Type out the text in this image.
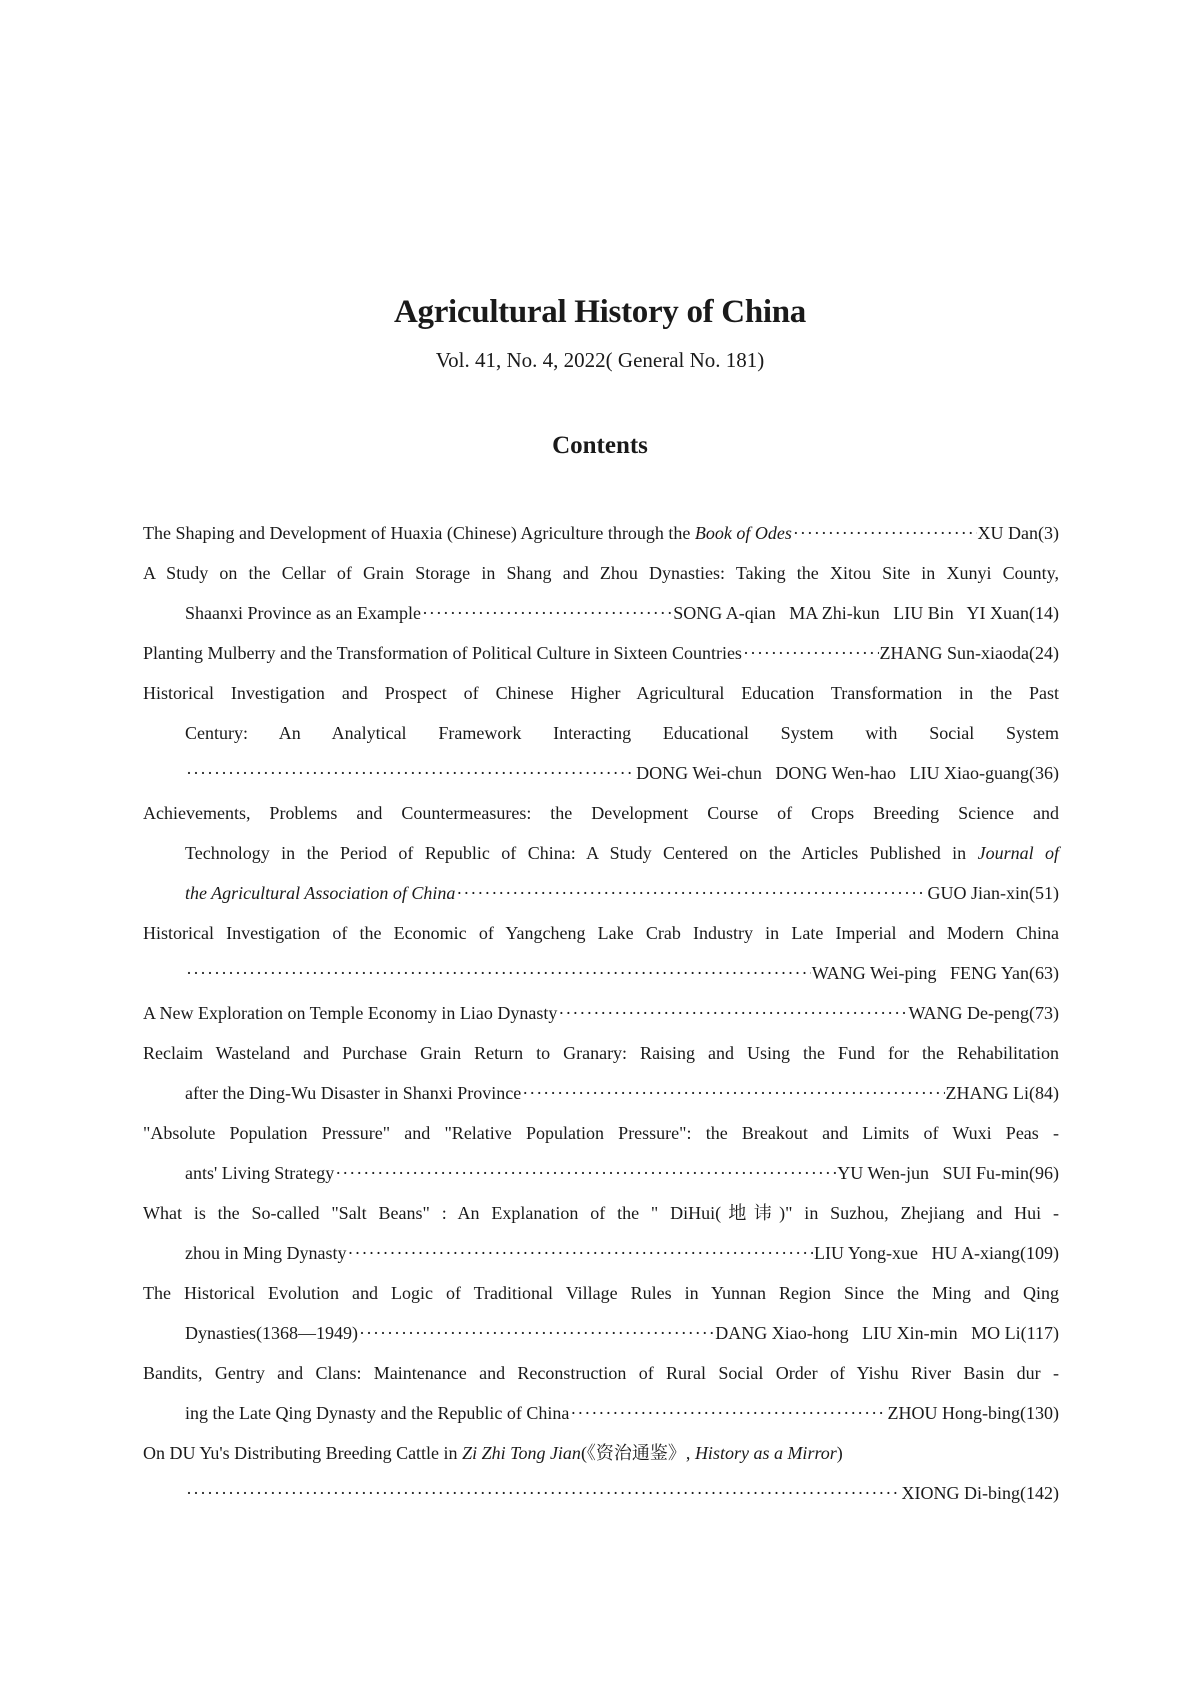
Agricultural History of China
Vol. 41, No. 4, 2022( General No. 181)
Contents
The Shaping and Development of Huaxia (Chinese) Agriculture through the Book of Odes ·····	XU Dan(3)
A Study on the Cellar of Grain Storage in Shang and Zhou Dynasties: Taking the Xitou Site in Xunyi County,
Shaanxi Province as an Example ·····	SONG A-qian   MA Zhi-kun   LIU Bin   YI Xuan(14)
Planting Mulberry and the Transformation of Political Culture in Sixteen Countries ·····	ZHANG Sun-xiaoda(24)
Historical Investigation and Prospect of Chinese Higher Agricultural Education Transformation in the Past
Century: An Analytical Framework Interacting Educational System with Social System
·····
DONG Wei-chun   DONG Wen-hao   LIU Xiao-guang(36)
Achievements, Problems and Countermeasures: the Development Course of Crops Breeding Science and
Technology in the Period of Republic of China: A Study Centered on the Articles Published in Journal of
the Agricultural Association of China ·····	GUO Jian-xin(51)
Historical Investigation of the Economic of Yangcheng Lake Crab Industry in Late Imperial and Modern China
·····
WANG Wei-ping   FENG Yan(63)
A New Exploration on Temple Economy in Liao Dynasty ·····	WANG De-peng(73)
Reclaim Wasteland and Purchase Grain Return to Granary: Raising and Using the Fund for the Rehabilitation
after the Ding-Wu Disaster in Shanxi Province ·····	ZHANG Li(84)
"Absolute Population Pressure" and "Relative Population Pressure": the Breakout and Limits of Wuxi Peas -
ants' Living Strategy ·····	YU Wen-jun   SUI Fu-min(96)
What is the So-called "Salt Beans" : An Explanation of the " DiHui(地讳)" in Suzhou, Zhejiang and Hui -
zhou in Ming Dynasty ·····	LIU Yong-xue   HU A-xiang(109)
The Historical Evolution and Logic of Traditional Village Rules in Yunnan Region Since the Ming and Qing
Dynasties(1368—1949) ·····	DANG Xiao-hong   LIU Xin-min   MO Li(117)
Bandits, Gentry and Clans: Maintenance and Reconstruction of Rural Social Order of Yishu River Basin dur -
ing the Late Qing Dynasty and the Republic of China ·····	ZHOU Hong-bing(130)
On DU Yu's Distributing Breeding Cattle in Zi Zhi Tong Jian(《资治通鉴》, History as a Mirror)
·····
XIONG Di-bing(142)
